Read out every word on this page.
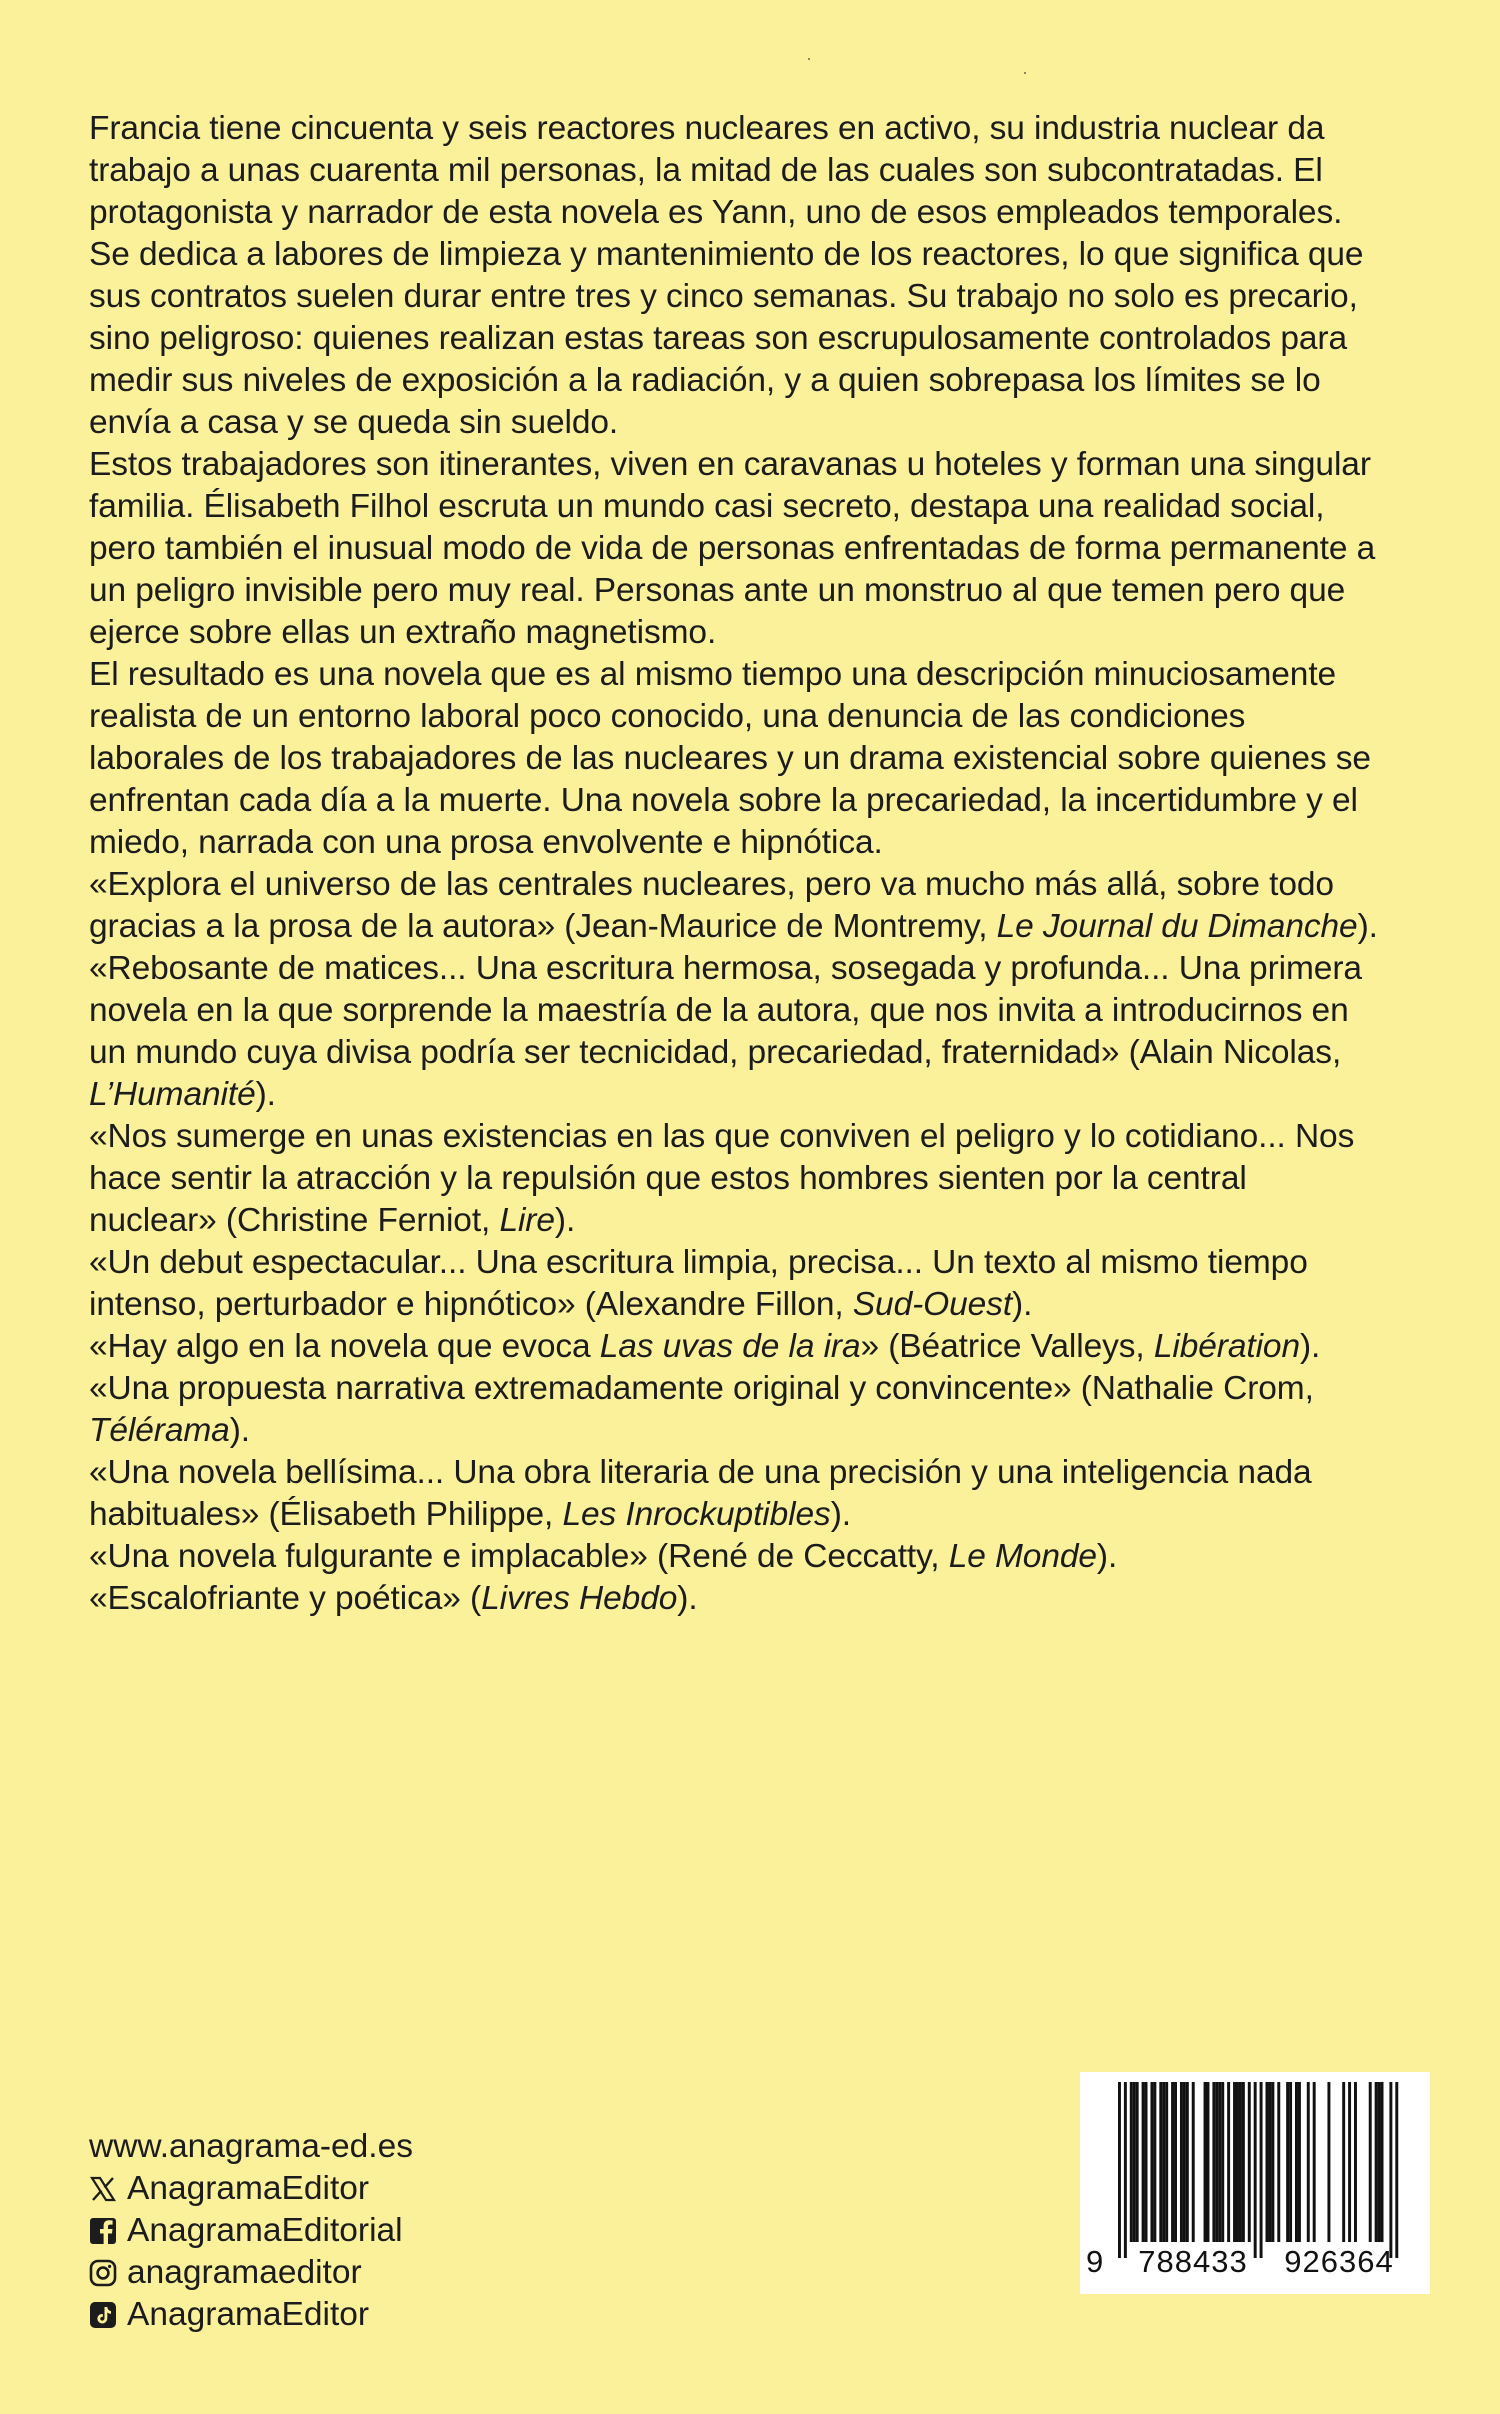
Francia tiene cincuenta y seis reactores nucleares en activo, su industria nuclear da trabajo a unas cuarenta mil personas, la mitad de las cuales son subcontratadas. El protagonista y narrador de esta novela es Yann, uno de esos empleados temporales. Se dedica a labores de limpieza y mantenimiento de los reactores, lo que significa que sus contratos suelen durar entre tres y cinco semanas. Su trabajo no solo es precario, sino peligroso: quienes realizan estas tareas son escrupulosamente controlados para medir sus niveles de exposición a la radiación, y a quien sobrepasa los límites se lo envía a casa y se queda sin sueldo.

Estos trabajadores son itinerantes, viven en caravanas u hoteles y forman una singular familia. Élisabeth Filhol escruta un mundo casi secreto, destapa una realidad social, pero también el inusual modo de vida de personas enfrentadas de forma permanente a un peligro invisible pero muy real. Personas ante un monstruo al que temen pero que ejerce sobre ellas un extraño magnetismo.

El resultado es una novela que es al mismo tiempo una descripción minuciosamente realista de un entorno laboral poco conocido, una denuncia de las condiciones laborales de los trabajadores de las nucleares y un drama existencial sobre quienes se enfrentan cada día a la muerte. Una novela sobre la precariedad, la incertidumbre y el miedo, narrada con una prosa envolvente e hipnótica.

«Explora el universo de las centrales nucleares, pero va mucho más allá, sobre todo gracias a la prosa de la autora» (Jean-Maurice de Montremy, Le Journal du Dimanche).

«Rebosante de matices... Una escritura hermosa, sosegada y profunda... Una primera novela en la que sorprende la maestría de la autora, que nos invita a introducirnos en un mundo cuya divisa podría ser tecnicidad, precariedad, fraternidad» (Alain Nicolas, L’Humanité).

«Nos sumerge en unas existencias en las que conviven el peligro y lo cotidiano... Nos hace sentir la atracción y la repulsión que estos hombres sienten por la central nuclear» (Christine Ferniot, Lire).

«Un debut espectacular... Una escritura limpia, precisa... Un texto al mismo tiempo intenso, perturbador e hipnótico» (Alexandre Fillon, Sud-Ouest).

«Hay algo en la novela que evoca Las uvas de la ira» (Béatrice Valleys, Libération).

«Una propuesta narrativa extremadamente original y convincente» (Nathalie Crom, Télérama).

«Una novela bellísima... Una obra literaria de una precisión y una inteligencia nada habituales» (Élisabeth Philippe, Les Inrockuptibles).

«Una novela fulgurante e implacable» (René de Ceccatty, Le Monde).

«Escalofriante y poética» (Livres Hebdo).

www.anagrama-ed.es
AnagramaEditor
AnagramaEditorial
anagramaeditor
AnagramaEditor
9 788433 926364
